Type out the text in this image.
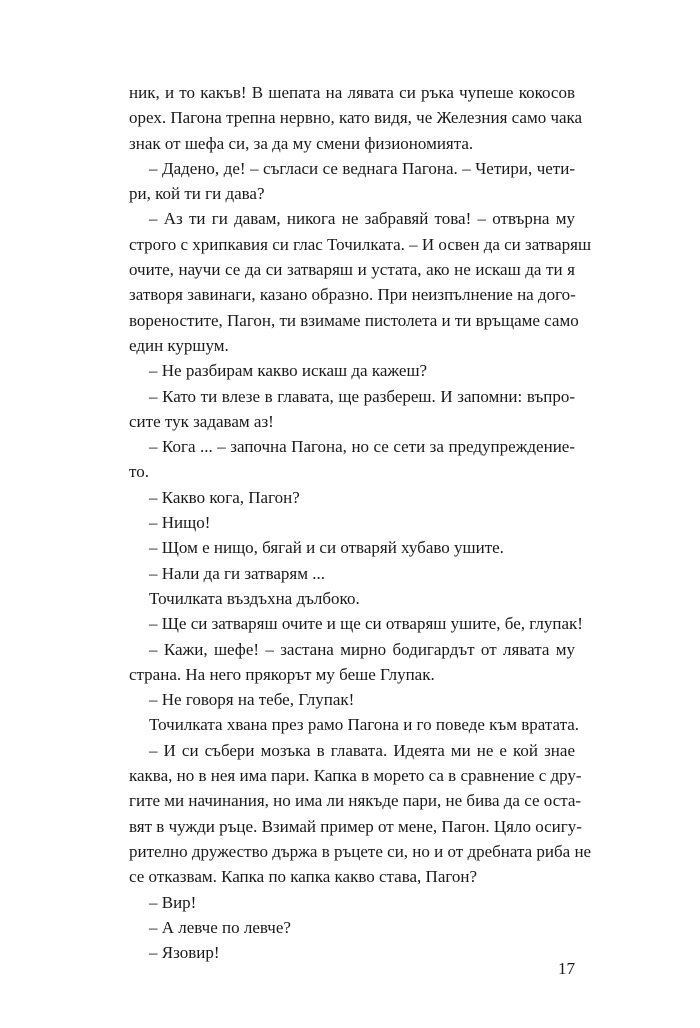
ник, и то какъв! В шепата на лявата си ръка чупеше кокосов
орех. Пагона трепна нервно, като видя, че Железния само чака
знак от шефа си, за да му смени физиономията.
– Дадено, де! – съгласи се веднага Пагона. – Четири, чети-
ри, кой ти ги дава?
– Аз ти ги давам, никога не забравяй това! – отвърна му
строго с хрипкавия си глас Точилката. – И освен да си затваряш
очите, научи се да си затваряш и устата, ако не искаш да ти я
затворя завинаги, казано образно. При неизпълнение на дого-
вореностите, Пагон, ти взимаме пистолета и ти връщаме само
един куршум.
– Не разбирам какво искаш да кажеш?
– Като ти влезе в главата, ще разбереш. И запомни: въпро-
сите тук задавам аз!
– Кога ... – започна Пагона, но се сети за предупреждение-
то.
– Какво кога, Пагон?
– Нищо!
– Щом е нищо, бягай и си отваряй хубаво ушите.
– Нали да ги затварям ...
Точилката въздъхна дълбоко.
– Ще си затваряш очите и ще си отваряш ушите, бе, глупак!
– Кажи, шефе! – застана мирно бодигардът от лявата му
страна. На него прякорът му беше Глупак.
– Не говоря на тебе, Глупак!
Точилката хвана през рамо Пагона и го поведе към вратата.
– И си събери мозъка в главата. Идеята ми не е кой знае
каква, но в нея има пари. Капка в морето са в сравнение с дру-
гите ми начинания, но има ли някъде пари, не бива да се оста-
вят в чужди ръце. Взимай пример от мене, Пагон. Цяло осигу-
рително дружество държа в ръцете си, но и от дребната риба не
се отказвам. Капка по капка какво става, Пагон?
– Вир!
– А левче по левче?
– Язовир!
17
